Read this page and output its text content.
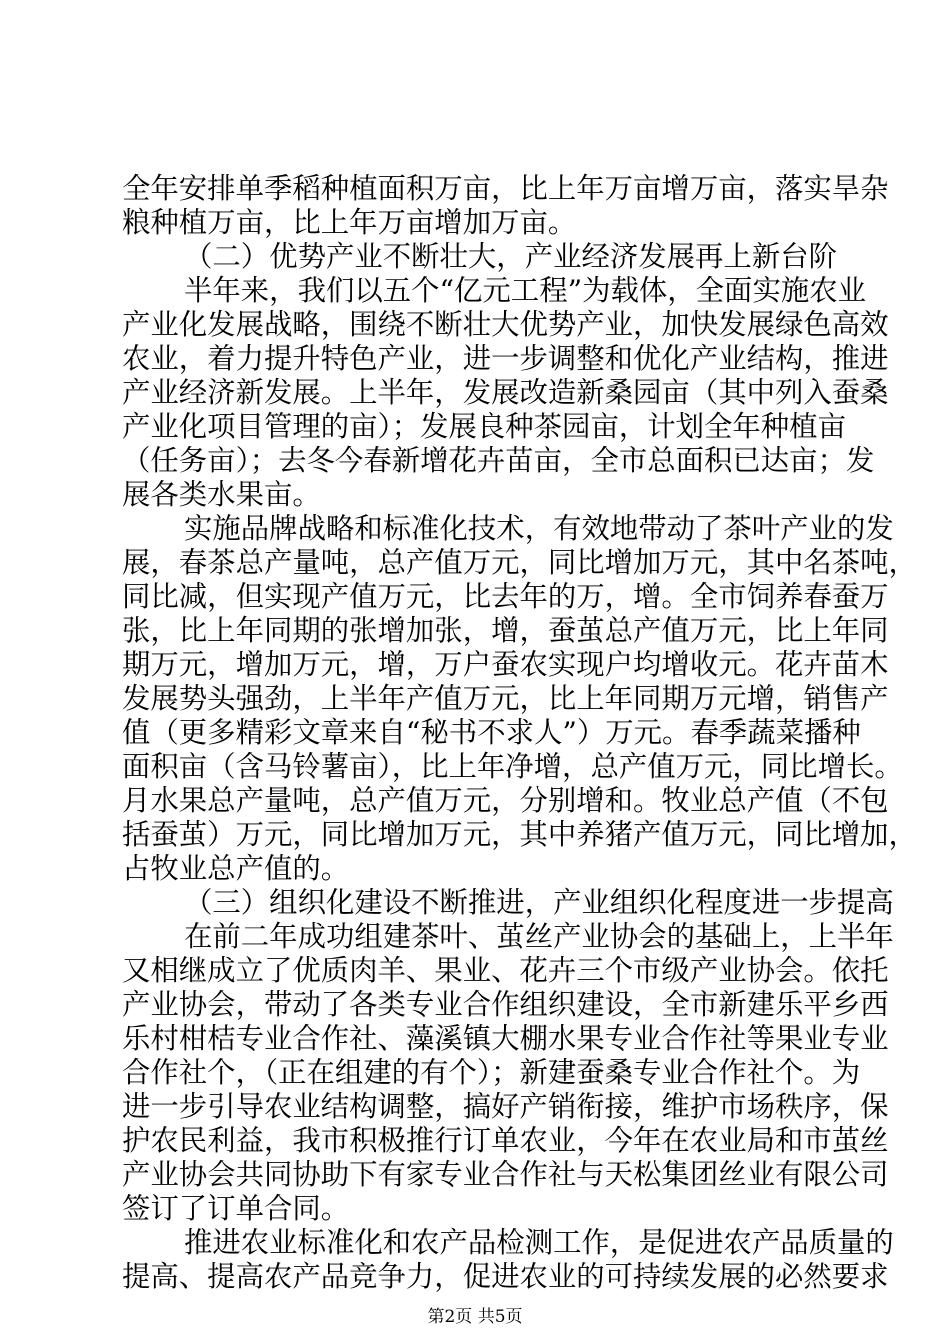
全年安排单季稻种植面积万亩，比上年万亩增万亩，落实旱杂
粮种植万亩，比上年万亩增加万亩。
（二）优势产业不断壮大，产业经济发展再上新台阶
半年来，我们以五个“亿元工程”为载体，全面实施农业
产业化发展战略，围绕不断壮大优势产业，加快发展绿色高效
农业，着力提升特色产业，进一步调整和优化产业结构，推进
产业经济新发展。上半年，发展改造新桑园亩（其中列入蚕桑
产业化项目管理的亩）；发展良种茶园亩，计划全年种植亩
（任务亩）；去冬今春新增花卉苗亩，全市总面积已达亩；发
展各类水果亩。
实施品牌战略和标准化技术，有效地带动了茶叶产业的发
展，春茶总产量吨，总产值万元，同比增加万元，其中名茶吨，
同比减，但实现产值万元，比去年的万，增。全市饲养春蚕万
张，比上年同期的张增加张，增，蚕茧总产值万元，比上年同
期万元，增加万元，增，万户蚕农实现户均增收元。花卉苗木
发展势头强劲，上半年产值万元，比上年同期万元增，销售产
值（更多精彩文章来自“秘书不求人”）万元。春季蔬菜播种
面积亩（含马铃薯亩），比上年净增，总产值万元，同比增长。
月水果总产量吨，总产值万元，分别增和。牧业总产值（不包
括蚕茧）万元，同比增加万元，其中养猪产值万元，同比增加，
占牧业总产值的。
（三）组织化建设不断推进，产业组织化程度进一步提高
在前二年成功组建茶叶、茧丝产业协会的基础上，上半年
又相继成立了优质肉羊、果业、花卉三个市级产业协会。依托
产业协会，带动了各类专业合作组织建设，全市新建乐平乡西
乐村柑桔专业合作社、藻溪镇大棚水果专业合作社等果业专业
合作社个，（正在组建的有个）；新建蚕桑专业合作社个。为
进一步引导农业结构调整，搞好产销衔接，维护市场秩序，保
护农民利益，我市积极推行订单农业，今年在农业局和市茧丝
产业协会共同协助下有家专业合作社与天松集团丝业有限公司
签订了订单合同。
推进农业标准化和农产品检测工作，是促进农产品质量的
提高、提高农产品竞争力，促进农业的可持续发展的必然要求
第2页 共5页
